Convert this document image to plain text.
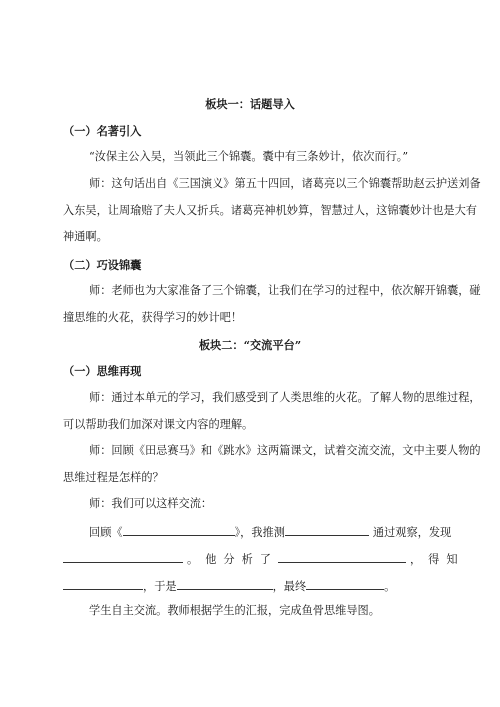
板块一：话题导入
（一）名著引入
“汝保主公入吴，当领此三个锦囊。囊中有三条妙计，依次而行。”
师：这句话出自《三国演义》第五十四回，诸葛亮以三个锦囊帮助赵云护送刘备
入东吴，让周瑜赔了夫人又折兵。诸葛亮神机妙算，智慧过人，这锦囊妙计也是大有
神通啊。
（二）巧设锦囊
师：老师也为大家准备了三个锦囊，让我们在学习的过程中，依次解开锦囊，碰
撞思维的火花，获得学习的妙计吧！
板块二：“交流平台”
（一）思维再现
师：通过本单元的学习，我们感受到了人类思维的火花。了解人物的思维过程，
可以帮助我们加深对课文内容的理解。
师：回顾《田忌赛马》和《跳水》这两篇课文，试着交流交流，文中主要人物的
思维过程是怎样的？
师：我们可以这样交流：
回顾《	》，我推测	通过观察，发现
。他分析了	，得知
，于是	，最终	。
学生自主交流。教师根据学生的汇报，完成鱼骨思维导图。
